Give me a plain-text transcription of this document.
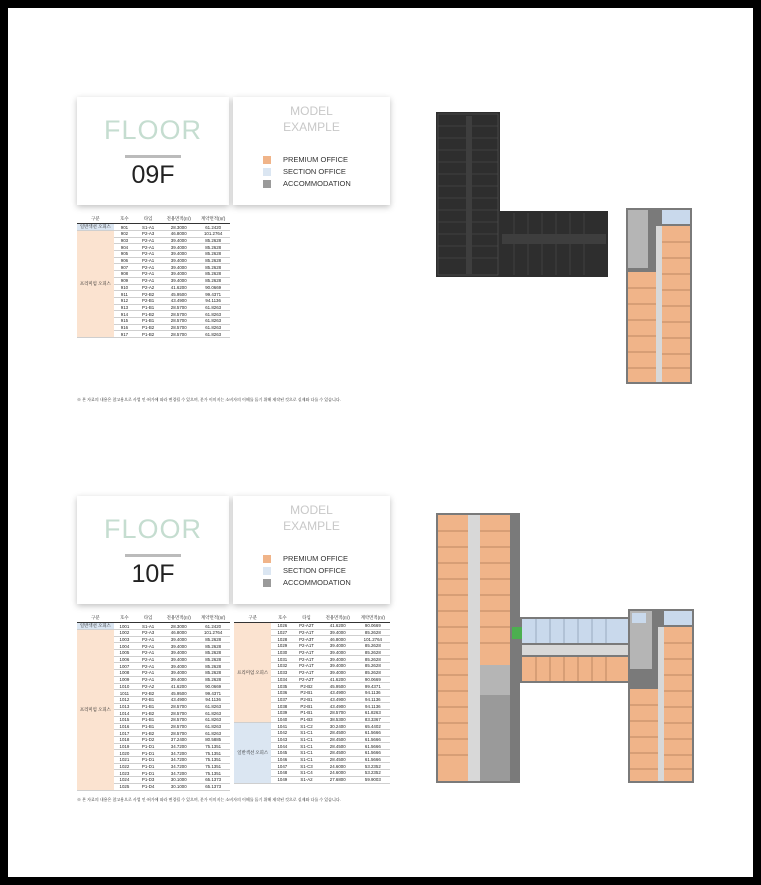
FLOOR
09F
MODEL
EXAMPLE
PREMIUM OFFICE
SECTION OFFICE
ACCOMMODATION
구분	호수	타입	전용면적(㎡)	계약면적(㎡)
일반섹션 오피스	901	S1-A1	28.3000	61.2420
프리미엄 오피스	902	P2-A3	46.8000	101.2764
	903	P2-A1	39.4000	85.2628
	904	P2-A1	39.4000	85.2628
	905	P2-A1	39.4000	85.2628
	906	P2-A1	39.4000	85.2628
	907	P2-A1	39.4000	85.2628
	908	P2-A1	39.4000	85.2628
	909	P2-A1	39.4000	85.2628
	910	P2-A2	41.6200	90.0669
	911	P2-B2	45.9500	99.4371
	912	P2-B1	43.4900	94.1136
	913	P1-B1	28.5700	61.8263
	914	P1-B2	28.5700	61.8263
	915	P1-B1	28.5700	61.8263
	916	P1-B2	28.5700	61.8263
	917	P1-B2	28.5700	61.8263
※ 본 자료의 내용은 참고용으로 사업 인·허가에 따라 변경될 수 있으며, 분가 이미지는 소비자의 이해를 돕기 위해 제작된 것으로 실제와 다를 수 있습니다.
FLOOR
10F
MODEL
EXAMPLE
PREMIUM OFFICE
SECTION OFFICE
ACCOMMODATION
구분	호수	타입	전용면적(㎡)	계약면적(㎡)
일반섹션 오피스	1001	S1-A1	28.3000	61.2420
프리미엄 오피스	1002	P2-A3	46.8000	101.2764
	1003	P2-A1	39.4000	85.2628
	1004	P2-A1	39.4000	85.2628
	1005	P2-A1	39.4000	85.2628
	1006	P2-A1	39.4000	85.2628
	1007	P2-A1	39.4000	85.2628
	1008	P2-A1	39.4000	85.2628
	1009	P2-A1	39.4000	85.2628
	1010	P2-A2	41.6200	90.0669
	1011	P2-B2	45.9500	99.4371
	1012	P2-B1	43.4900	94.1136
	1013	P1-B1	28.5700	61.8263
	1014	P1-B2	28.5700	61.8263
	1015	P1-B1	28.5700	61.8263
	1016	P1-B1	28.5700	61.8263
	1017	P1-B2	28.5700	61.8263
	1018	P1-D2	37.2400	80.5885
	1019	P1-D1	34.7200	75.1351
	1020	P1-D1	34.7200	75.1351
	1021	P1-D1	34.7200	75.1351
	1022	P1-D1	34.7200	75.1351
	1023	P1-D1	34.7200	75.1351
	1024	P1-D3	30.1000	65.1373
	1025	P1-D4	30.1000	65.1373
구분	호수	타입	전용면적(㎡)	계약면적(㎡)
프리미엄 오피스	1026	P2-A2T	41.6200	90.0669
	1027	P2-A1T	39.4000	85.2628
	1028	P2-A3T	46.8000	101.2764
	1029	P2-A1T	39.4000	85.2628
	1030	P2-A1T	39.4000	85.2628
	1031	P2-A1T	39.4000	85.2628
	1032	P2-A1T	39.4000	85.2628
	1033	P2-A1T	39.4000	85.2628
	1034	P2-A2T	41.6200	90.0669
	1035	P2-B2	45.9500	99.4371
	1036	P2-B1	43.4900	94.1136
	1037	P2-B1	43.4900	94.1136
	1038	P2-B1	43.4900	94.1136
	1039	P1-B1	28.5700	61.8263
	1040	P1-B3	38.5300	83.3367
일반섹션 오피스	1041	S1-C2	30.2400	65.4402
	1042	S1-C1	28.4500	61.5666
	1043	S1-C1	28.4500	61.5666
	1044	S1-C1	28.4500	61.5666
	1045	S1-C1	28.4500	61.5666
	1046	S1-C1	28.4500	61.5666
	1047	S1-C3	24.6000	53.2352
	1048	S1-C4	24.6000	53.2352
	1049	S1-A2	27.6800	59.9003
※ 본 자료의 내용은 참고용으로 사업 인·허가에 따라 변경될 수 있으며, 분가 이미지는 소비자의 이해를 돕기 위해 제작된 것으로 실제와 다를 수 있습니다.
